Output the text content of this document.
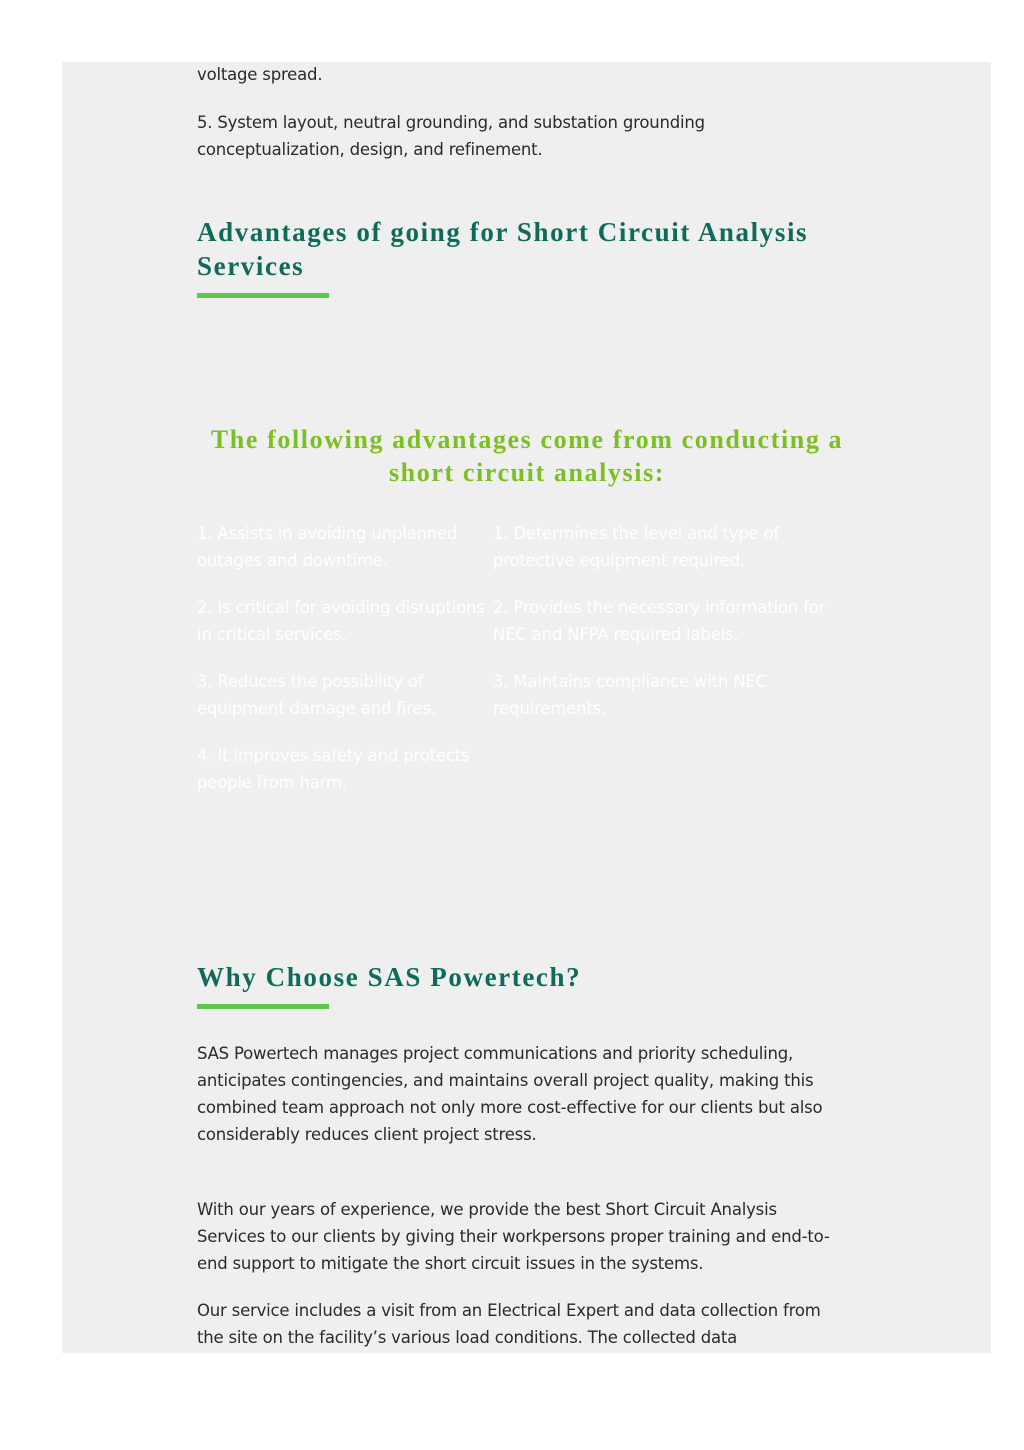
voltage spread.

5. System layout, neutral grounding, and substation grounding conceptualization, design, and refinement.

Advantages of going for Short Circuit Analysis Services
The following advantages come from conducting a short circuit analysis:

1. Assists in avoiding unplanned outages and downtime.

2. Is critical for avoiding disruptions in critical services.

3. Reduces the possibility of equipment damage and fires.

4. It improves safety and protects people from harm.

1. Determines the level and type of protective equipment required.

2. Provides the necessary information for NEC and NFPA required labels.

3. Maintains compliance with NEC requirements.

Why Choose SAS Powertech?

SAS Powertech manages project communications and priority scheduling, anticipates contingencies, and maintains overall project quality, making this combined team approach not only more cost-effective for our clients but also considerably reduces client project stress.

With our years of experience, we provide the best Short Circuit Analysis Services to our clients by giving their workpersons proper training and end-to-end support to mitigate the short circuit issues in the systems.

Our service includes a visit from an Electrical Expert and data collection from the site on the facility’s various load conditions. The collected data
